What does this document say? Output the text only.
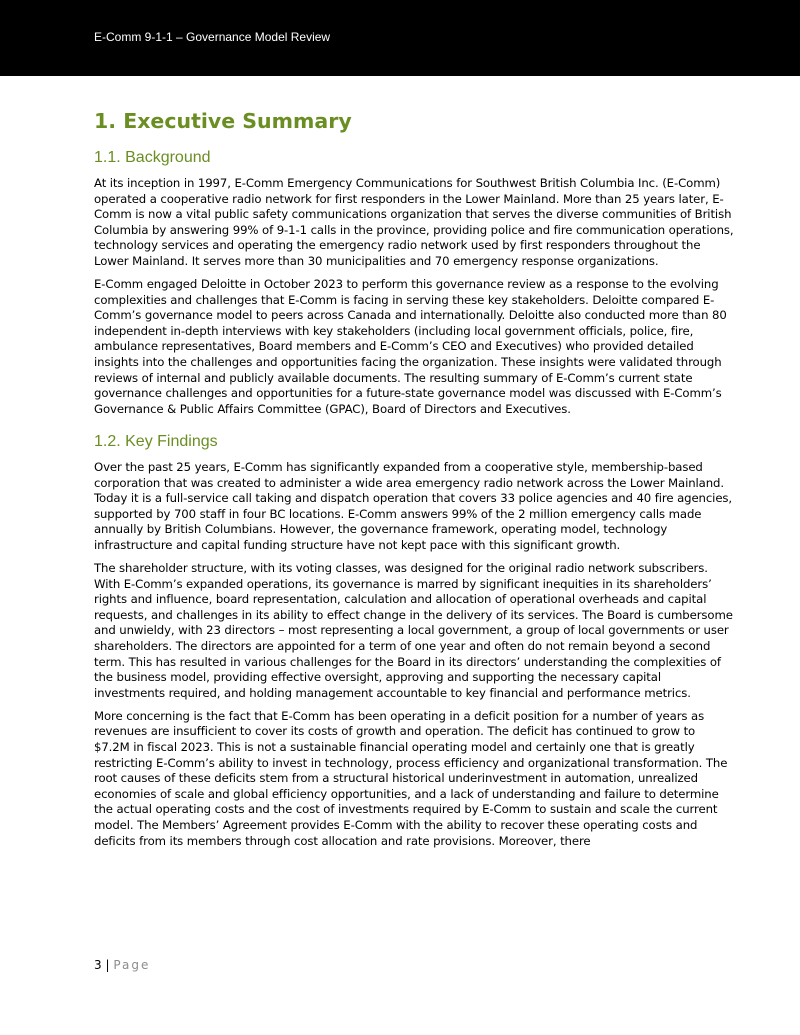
E-Comm 9-1-1 – Governance Model Review
1. Executive Summary
1.1. Background

At its inception in 1997, E-Comm Emergency Communications for Southwest British Columbia Inc. (E-Comm) operated a cooperative radio network for first responders in the Lower Mainland. More than 25 years later, E-Comm is now a vital public safety communications organization that serves the diverse communities of British Columbia by answering 99% of 9-1-1 calls in the province, providing police and fire communication operations, technology services and operating the emergency radio network used by first responders throughout the Lower Mainland. It serves more than 30 municipalities and 70 emergency response organizations.

E-Comm engaged Deloitte in October 2023 to perform this governance review as a response to the evolving complexities and challenges that E-Comm is facing in serving these key stakeholders. Deloitte compared E-Comm’s governance model to peers across Canada and internationally. Deloitte also conducted more than 80 independent in-depth interviews with key stakeholders (including local government officials, police, fire, ambulance representatives, Board members and E-Comm’s CEO and Executives) who provided detailed insights into the challenges and opportunities facing the organization. These insights were validated through reviews of internal and publicly available documents. The resulting summary of E-Comm’s current state governance challenges and opportunities for a future-state governance model was discussed with E-Comm’s Governance & Public Affairs Committee (GPAC), Board of Directors and Executives.

1.2. Key Findings

Over the past 25 years, E-Comm has significantly expanded from a cooperative style, membership-based corporation that was created to administer a wide area emergency radio network across the Lower Mainland. Today it is a full-service call taking and dispatch operation that covers 33 police agencies and 40 fire agencies, supported by 700 staff in four BC locations. E-Comm answers 99% of the 2 million emergency calls made annually by British Columbians. However, the governance framework, operating model, technology infrastructure and capital funding structure have not kept pace with this significant growth.

The shareholder structure, with its voting classes, was designed for the original radio network subscribers. With E-Comm’s expanded operations, its governance is marred by significant inequities in its shareholders’ rights and influence, board representation, calculation and allocation of operational overheads and capital requests, and challenges in its ability to effect change in the delivery of its services. The Board is cumbersome and unwieldy, with 23 directors – most representing a local government, a group of local governments or user shareholders. The directors are appointed for a term of one year and often do not remain beyond a second term. This has resulted in various challenges for the Board in its directors’ understanding the complexities of the business model, providing effective oversight, approving and supporting the necessary capital investments required, and holding management accountable to key financial and performance metrics.

More concerning is the fact that E-Comm has been operating in a deficit position for a number of years as revenues are insufficient to cover its costs of growth and operation. The deficit has continued to grow to $7.2M in fiscal 2023. This is not a sustainable financial operating model and certainly one that is greatly restricting E-Comm’s ability to invest in technology, process efficiency and organizational transformation. The root causes of these deficits stem from a structural historical underinvestment in automation, unrealized economies of scale and global efficiency opportunities, and a lack of understanding and failure to determine the actual operating costs and the cost of investments required by E-Comm to sustain and scale the current model. The Members’ Agreement provides E-Comm with the ability to recover these operating costs and deficits from its members through cost allocation and rate provisions. Moreover, there

3 | Page
